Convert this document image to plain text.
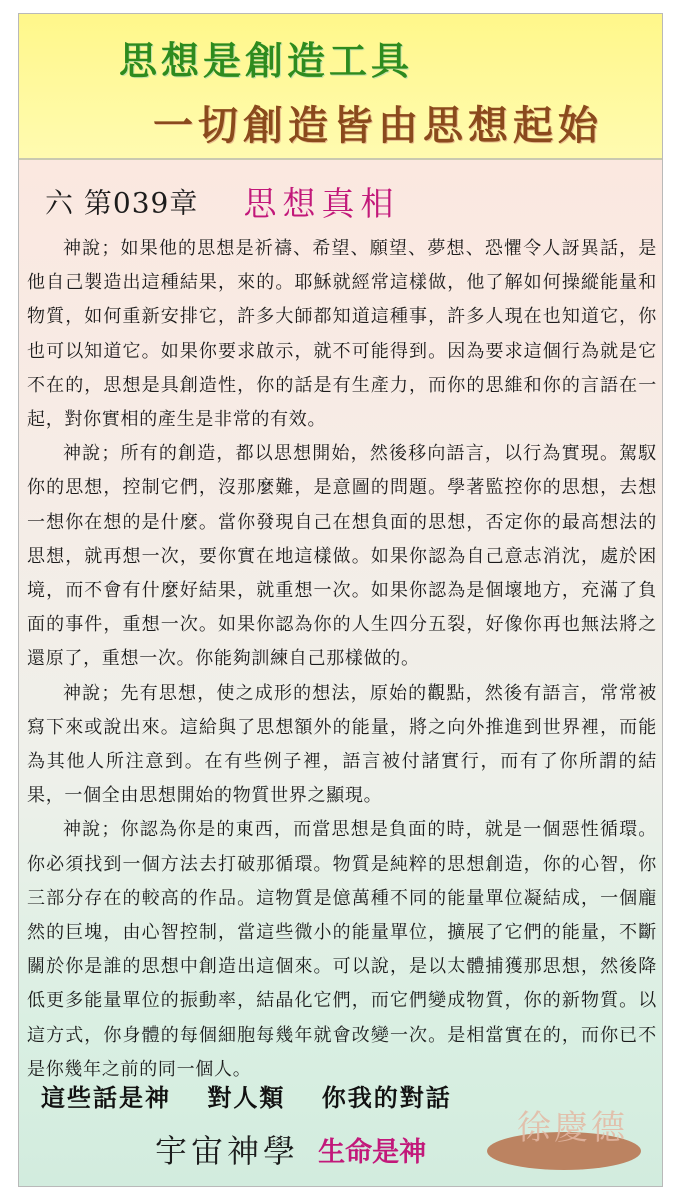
思想是創造工具
一切創造皆由思想起始
六 第039章 思想真相

神說；如果他的思想是祈禱、希望、願望、夢想、恐懼令人訝異話，是他自己製造出這種結果，來的。耶穌就經常這樣做，他了解如何操縱能量和物質，如何重新安排它，許多大師都知道這種事，許多人現在也知道它，你也可以知道它。如果你要求啟示，就不可能得到。因為要求這個行為就是它不在的，思想是具創造性，你的話是有生產力，而你的思維和你的言語在一起，對你實相的產生是非常的有效。

神說；所有的創造，都以思想開始，然後移向語言，以行為實現。駕馭你的思想，控制它們，沒那麼難，是意圖的問題。學著監控你的思想，去想一想你在想的是什麼。當你發現自己在想負面的思想，否定你的最高想法的思想，就再想一次，要你實在地這樣做。如果你認為自己意志消沈，處於困境，而不會有什麼好結果，就重想一次。如果你認為是個壞地方，充滿了負面的事件，重想一次。如果你認為你的人生四分五裂，好像你再也無法將之還原了，重想一次。你能夠訓練自己那樣做的。

神說；先有思想，使之成形的想法，原始的觀點，然後有語言，常常被寫下來或說出來。這給與了思想額外的能量，將之向外推進到世界裡，而能為其他人所注意到。在有些例子裡，語言被付諸實行，而有了你所謂的結果，一個全由思想開始的物質世界之顯現。

神說；你認為你是的東西，而當思想是負面的時，就是一個惡性循環。你必須找到一個方法去打破那循環。物質是純粹的思想創造，你的心智，你三部分存在的較高的作品。這物質是億萬種不同的能量單位凝結成，一個龐然的巨塊，由心智控制，當這些微小的能量單位，擴展了它們的能量，不斷關於你是誰的思想中創造出這個來。可以說，是以太體捕獲那思想，然後降低更多能量單位的振動率，結晶化它們，而它們變成物質，你的新物質。以這方式，你身體的每個細胞每幾年就會改變一次。是相當實在的，而你已不是你幾年之前的同一個人。

這些話是神 對人類 你我的對話
宇宙神學 生命是神
徐慶德
